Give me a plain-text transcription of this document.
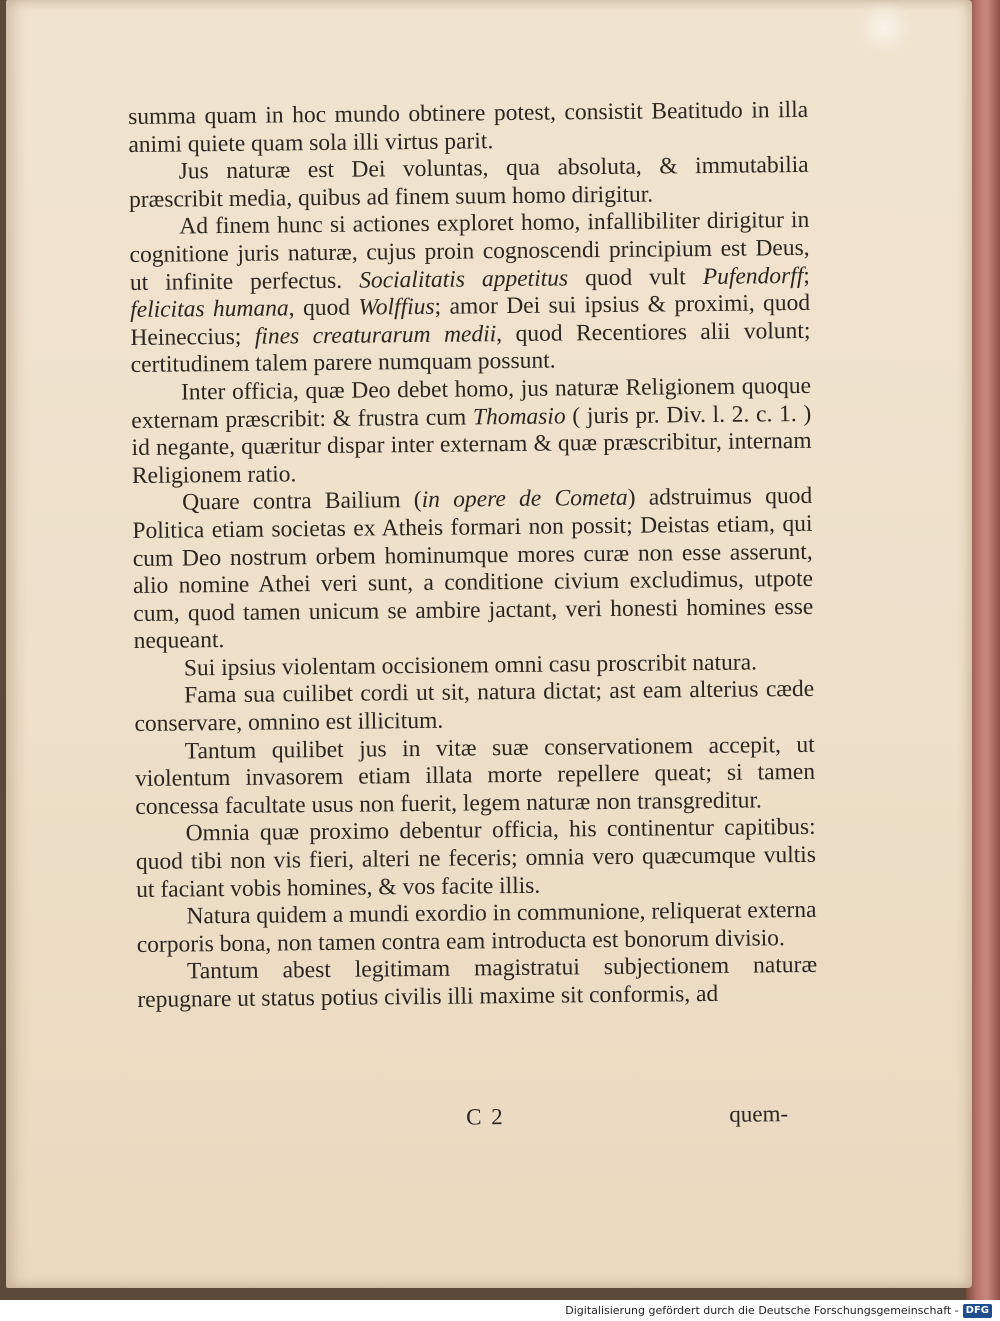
summa quam in hoc mundo obtinere potest, consistit Beatitudo in illa animi quiete quam sola illi virtus parit.

Jus naturæ est Dei voluntas, qua absoluta, & immutabilia præscribit media, quibus ad finem suum homo dirigitur.

Ad finem hunc si actiones exploret homo, infallibiliter dirigitur in cognitione juris naturæ, cujus proin cognoscendi principium est Deus, ut infinite perfectus. Socialitatis appetitus quod vult Pufendorff; felicitas humana, quod Wolffius; amor Dei sui ipsius & proximi, quod Heineccius; fines creaturarum medii, quod Recentiores alii volunt; certitudinem talem parere numquam possunt.

Inter officia, quæ Deo debet homo, jus naturæ Religionem quoque externam præscribit: & frustra cum Thomasio ( juris pr. Div. l. 2. c. 1. ) id negante, quæritur dispar inter externam & quæ præscribitur, internam Religionem ratio.

Quare contra Bailium (in opere de Cometa) adstruimus quod Politica etiam societas ex Atheis formari non possit; Deistas etiam, qui cum Deo nostrum orbem hominumque mores curæ non esse asserunt, alio nomine Athei veri sunt, a conditione civium excludimus, utpote cum, quod tamen unicum se ambire jactant, veri honesti homines esse nequeant.

Sui ipsius violentam occisionem omni casu proscribit natura.

Fama sua cuilibet cordi ut sit, natura dictat; ast eam alterius cæde conservare, omnino est illicitum.

Tantum quilibet jus in vitæ suæ conservationem accepit, ut violentum invasorem etiam illata morte repellere queat; si tamen concessa facultate usus non fuerit, legem naturæ non transgreditur.

Omnia quæ proximo debentur officia, his continentur capitibus: quod tibi non vis fieri, alteri ne feceris; omnia vero quæcumque vultis ut faciant vobis homines, & vos facite illis.

Natura quidem a mundi exordio in communione, reliquerat externa corporis bona, non tamen contra eam introducta est bonorum divisio.

Tantum abest legitimam magistratui subjectionem naturæ repugnare ut status potius civilis illi maxime sit conformis, ad

C 2	quem-
Digitalisierung gefördert durch die Deutsche Forschungsgemeinschaft - DFG
